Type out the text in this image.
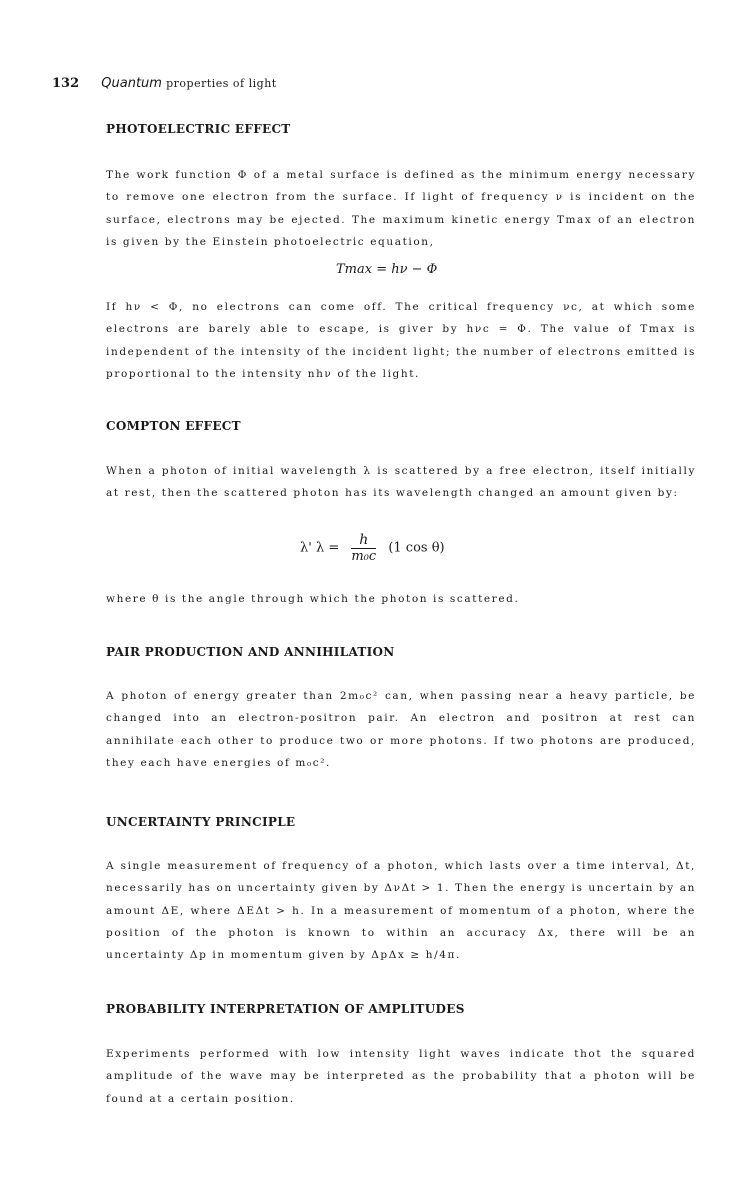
132 Quantum properties of light
PHOTOELECTRIC EFFECT
The work function Φ of a metal surface is defined as the minimum energy necessary to remove one electron from the surface. If light of frequency ν is incident on the surface, electrons may be ejected. The maximum kinetic energy Tmax of an electron is given by the Einstein photoelectric equation,
Tmax = hν − Φ
If hν < Φ, no electrons can come off. The critical frequency νc, at which some electrons are barely able to escape, is giver by hνc = Φ. The value of Tmax is independent of the intensity of the incident light; the number of electrons emitted is proportional to the intensity nhν of the light.
COMPTON EFFECT
When a photon of initial wavelength λ is scattered by a free electron, itself initially at rest, then the scattered photon has its wavelength changed an amount given by:
λ' $\lambda = \frac{h}{\text{m₀c}} (1$ cos θ)
where θ is the angle through which the photon is scattered.
PAIR PRODUCTION AND ANNIHILATION
A photon of energy greater than 2m₀c² can, when passing near a heavy particle, be changed into an electron-positron pair. An electron and positron at rest can annihilate each other to produce two or more photons. If two photons are produced, they each have energies of m₀c².
UNCERTAINTY PRINCIPLE
A single measurement of frequency of a photon, which lasts over a time interval, Δt, necessarily has on uncertainty given by ΔνΔt > 1. Then the energy is uncertain by an amount ΔE, where ΔEΔt > h. In a measurement of momentum of a photon, where the position of the photon is known to within an accuracy Δx, there will be an uncertainty Δp in momentum given by ΔpΔx ≥ h/4π.
PROBABILITY INTERPRETATION OF AMPLITUDES
Experiments performed with low intensity light waves indicate thot the squared amplitude of the wave may be interpreted as the probability that a photon will be found at a certain position.
